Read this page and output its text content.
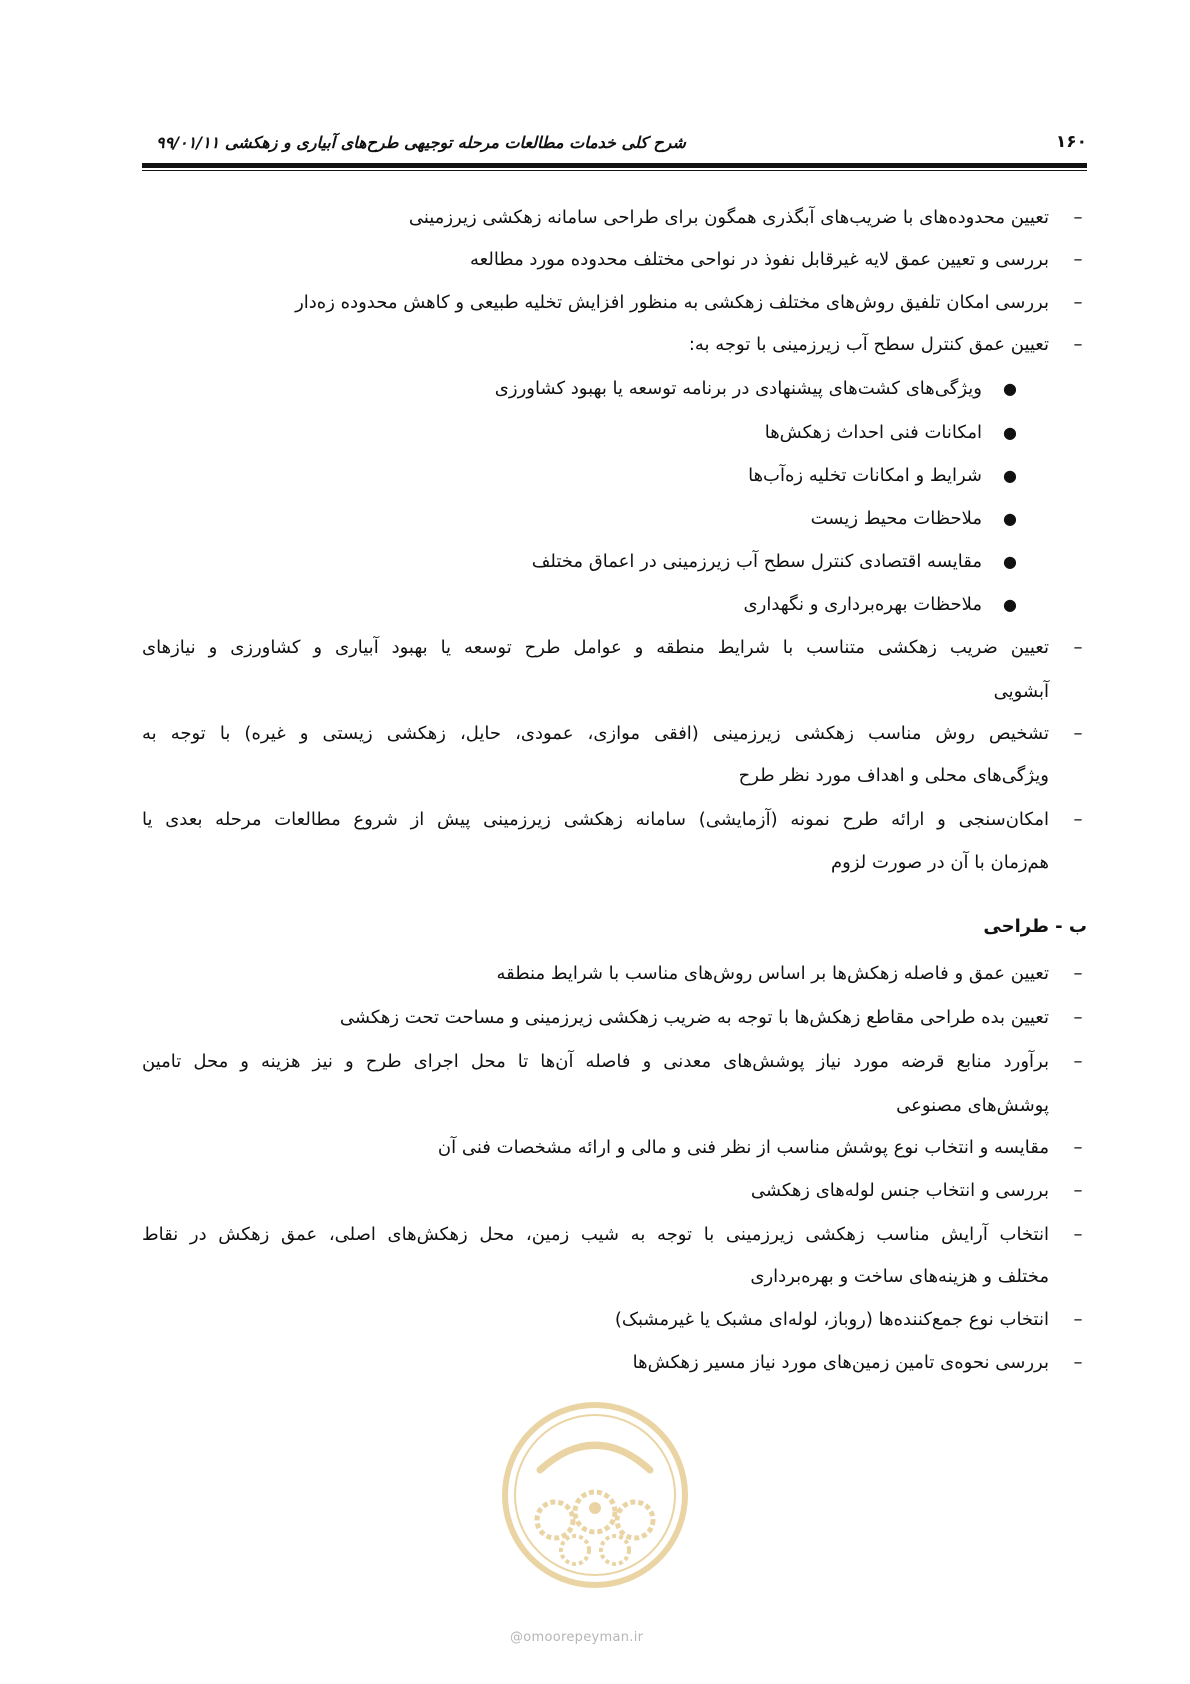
۱۶۰
شرح کلی خدمات مطالعات مرحله توجیهی طرح‌های آبیاری و زهکشی ۹۹/۰۱/۱۱
–
تعیین محدوده‌های با ضریب‌های آبگذری همگون برای طراحی سامانه زهکشی زیرزمینی
–
بررسی و تعیین عمق لایه غیرقابل نفوذ در نواحی مختلف محدوده مورد مطالعه
–
بررسی امکان تلفیق روش‌های مختلف زهکشی به منظور افزایش تخلیه طبیعی و کاهش محدوده زه‌دار
–
تعیین عمق کنترل سطح آب زیرزمینی با توجه به:
●
ویژگی‌های کشت‌های پیشنهادی در برنامه توسعه یا بهبود کشاورزی
●
امکانات فنی احداث زهکش‌ها
●
شرایط و امکانات تخلیه زه‌آب‌ها
●
ملاحظات محیط زیست
●
مقایسه اقتصادی کنترل سطح آب زیرزمینی در اعماق مختلف
●
ملاحظات بهره‌برداری و نگهداری
تعیین ضریب زهکشی متناسب با شرایط منطقه و عوامل طرح توسعه یا بهبود آبیاری و کشاورزی و نیازهای –
آبشویی
تشخیص روش مناسب زهکشی زیرزمینی (افقی موازی، عمودی، حایل، زهکشی زیستی و غیره) با توجه به –
ویژگی‌های محلی و اهداف مورد نظر طرح
امکان‌سنجی و ارائه طرح نمونه (آزمایشی) سامانه زهکشی زیرزمینی پیش از شروع مطالعات مرحله بعدی یا –
هم‌زمان با آن در صورت لزوم
ب - طراحی
–
تعیین عمق و فاصله زهکش‌ها بر اساس روش‌های مناسب با شرایط منطقه
–
تعیین بده طراحی مقاطع زهکش‌ها با توجه به ضریب زهکشی زیرزمینی و مساحت تحت زهکشی
برآورد منابع قرضه مورد نیاز پوشش‌های معدنی و فاصله آن‌ها تا محل اجرای طرح و نیز هزینه و محل تامین –
پوشش‌های مصنوعی
–
مقایسه و انتخاب نوع پوشش مناسب از نظر فنی و مالی و ارائه مشخصات فنی آن
–
بررسی و انتخاب جنس لوله‌های زهکشی
انتخاب آرایش مناسب زهکشی زیرزمینی با توجه به شیب زمین، محل زهکش‌های اصلی، عمق زهکش در نقاط –
مختلف و هزینه‌های ساخت و بهره‌برداری
–
انتخاب نوع جمع‌کننده‌ها (روباز، لوله‌ای مشبک یا غیرمشبک)
–
بررسی نحوه‌ی تامین زمین‌های مورد نیاز مسیر زهکش‌ها
@omoorepeyman.ir
